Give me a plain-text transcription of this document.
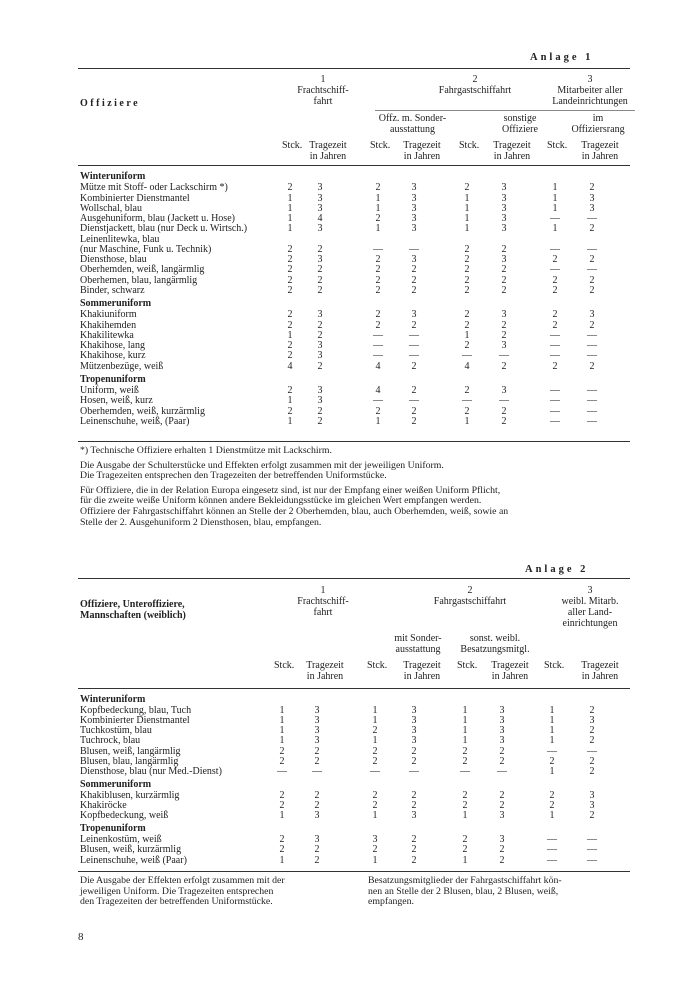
Anlage 1
1
Frachtschiff-
fahrt
2
Fahrgastschiffahrt
3
Mitarbeiter aller
Landeinrichtungen
Offiziere
Offz. m. Sonder-
ausstattung
sonstige
Offiziere
im
Offiziersrang
Stck. Tragezeit
in Jahren
Stck.	Tragezeit
in Jahren
Stck.	Tragezeit
in Jahren
Stck.	Tragezeit
in Jahren
Winteruniform
Mütze mit Stoff- oder Lackschirm *)	2	3	2	3	2	3	1	2
Kombinierter Dienstmantel	1	3	1	3	1	3	1	3
Wollschal, blau	1	3	1	3	1	3	1	3
Ausgehuniform, blau (Jackett u. Hose)	1	4	2	3	1	3	—	—
Dienstjackett, blau (nur Deck u. Wirtsch.)	1	3	1	3	1	3	1	2
Leinenlitewka, blau
(nur Maschine, Funk u. Technik)	2	2	—	—	2	2	—	—
Diensthose, blau	2	3	2	3	2	3	2	2
Oberhemden, weiß, langärmlig	2	2	2	2	2	2	—	—
Oberhemen, blau, langärmlig	2	2	2	2	2	2	2	2
Binder, schwarz	2	2	2	2	2	2	2	2
Sommeruniform
Khakiuniform	2	3	2	3	2	3	2	3
Khakihemden	2	2	2	2	2	2	2	2
Khakilitewka	1	2	—	—	1	2	—	—
Khakihose, lang	2	3	—	—	2	3	—	—
Khakihose, kurz	2	3	—	—	—	—	—	—
Mützenbezüge, weiß	4	2	4	2	4	2	2	2
Tropenuniform
Uniform, weiß	2	3	4	2	2	3	—	—
Hosen, weiß, kurz	1	3	—	—	—	—	—	—
Oberhemden, weiß, kurzärmlig	2	2	2	2	2	2	—	—
Leinenschuhe, weiß, (Paar)	1	2	1	2	1	2	—	—
*) Technische Offiziere erhalten 1 Dienstmütze mit Lackschirm.
Die Ausgabe der Schulterstücke und Effekten erfolgt zusammen mit der jeweiligen Uniform.
Die Tragezeiten entsprechen den Tragezeiten der betreffenden Uniformstücke.
Für Offiziere, die in der Relation Europa eingesetz sind, ist nur der Empfang einer weißen Uniform Pflicht,
für die zweite weiße Uniform können andere Bekleidungsstücke im gleichen Wert empfangen werden.
Offiziere der Fahrgastschiffahrt können an Stelle der 2 Oberhemden, blau, auch Oberhemden, weiß, sowie an
Stelle der 2. Ausgehuniform 2 Diensthosen, blau, empfangen.
Anlage 2
1
Frachtschiff-
fahrt
2
Fahrgastschiffahrt
3
weibl. Mitarb.
aller Land-
einrichtungen
Offiziere, Unteroffiziere,
Mannschaften (weiblich)
mit Sonder-
ausstattung
sonst. weibl.
Besatzungsmitgl.
Stck.	Tragezeit
in Jahren
Stck.	Tragezeit
in Jahren
Stck.	Tragezeit
in Jahren
Stck.	Tragezeit
in Jahren
Winteruniform
Kopfbedeckung, blau, Tuch	1	3	1	3	1	3	1	2
Kombinierter Dienstmantel	1	3	1	3	1	3	1	3
Tuchkostüm, blau	1	3	2	3	1	3	1	2
Tuchrock, blau	1	3	1	3	1	3	1	2
Blusen, weiß, langärmlig	2	2	2	2	2	2	—	—
Blusen, blau, langärmlig	2	2	2	2	2	2	2	2
Diensthose, blau (nur Med.-Dienst)	—	—	—	—	—	—	1	2
Sommeruniform
Khakiblusen, kurzärmlig	2	2	2	2	2	2	2	3
Khakiröcke	2	2	2	2	2	2	2	3
Kopfbedeckung, weiß	1	3	1	3	1	3	1	2
Tropenuniform
Leinenkostüm, weiß	2	3	3	2	2	3	—	—
Blusen, weiß, kurzärmlig	2	2	2	2	2	2	—	—
Leinenschuhe, weiß (Paar)	1	2	1	2	1	2	—	—
Die Ausgabe der Effekten erfolgt zusammen mit der
jeweiligen Uniform. Die Tragezeiten entsprechen
den Tragezeiten der betreffenden Uniformstücke.
Besatzungsmitglieder der Fahrgastschiffahrt kön-
nen an Stelle der 2 Blusen, blau, 2 Blusen, weiß,
empfangen.
8
